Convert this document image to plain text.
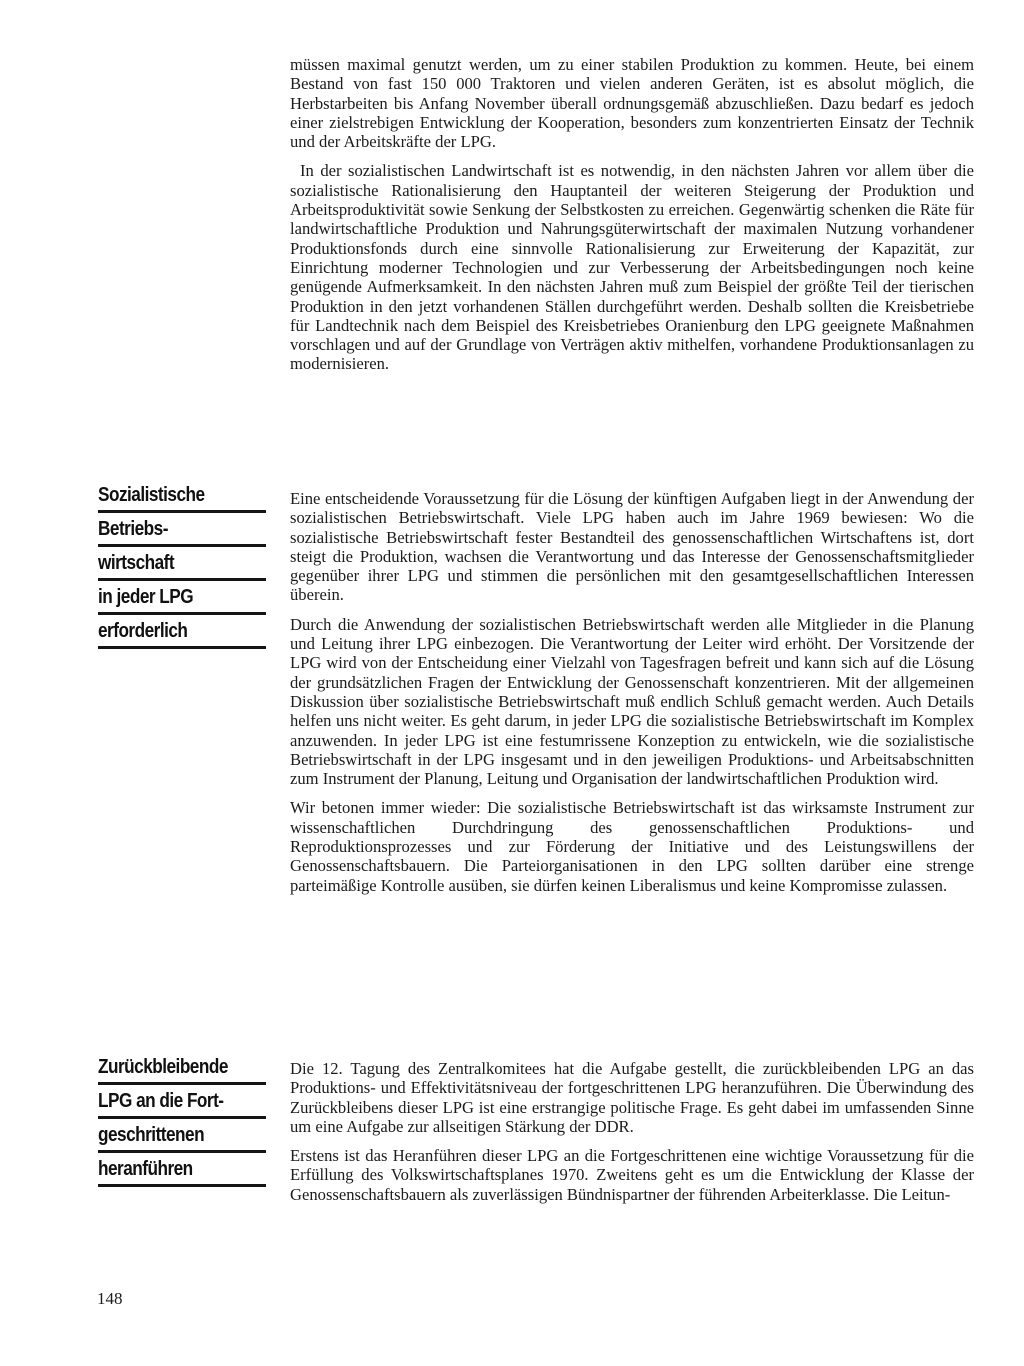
Sozialistische
Betriebs-
wirtschaft
in jeder LPG
erforderlich
Zurückbleibende
LPG an die Fort-
geschrittenen
heranführen

müssen maximal genutzt werden, um zu einer stabilen Produktion zu kommen. Heute, bei einem Bestand von fast 150 000 Traktoren und vielen anderen Geräten, ist es absolut möglich, die Herbstarbeiten bis Anfang November überall ordnungsgemäß abzuschließen. Dazu bedarf es jedoch einer zielstrebigen Entwicklung der Kooperation, besonders zum konzentrierten Einsatz der Technik und der Arbeitskräfte der LPG.

In der sozialistischen Landwirtschaft ist es notwendig, in den nächsten Jahren vor allem über die sozialistische Rationalisierung den Hauptanteil der weiteren Steigerung der Produktion und Arbeitsproduktivität sowie Senkung der Selbstkosten zu erreichen. Gegenwärtig schenken die Räte für landwirtschaftliche Produktion und Nahrungsgüterwirtschaft der maximalen Nutzung vorhandener Produktionsfonds durch eine sinnvolle Rationalisierung zur Erweiterung der Kapazität, zur Einrichtung moderner Technologien und zur Verbesserung der Arbeitsbedingungen noch keine genügende Aufmerksamkeit. In den nächsten Jahren muß zum Beispiel der größte Teil der tierischen Produktion in den jetzt vorhandenen Ställen durchgeführt werden. Deshalb sollten die Kreisbetriebe für Landtechnik nach dem Beispiel des Kreisbetriebes Oranienburg den LPG geeignete Maßnahmen vorschlagen und auf der Grundlage von Verträgen aktiv mithelfen, vorhandene Produktionsanlagen zu modernisieren.

Eine entscheidende Voraussetzung für die Lösung der künftigen Aufgaben liegt in der Anwendung der sozialistischen Betriebswirtschaft. Viele LPG haben auch im Jahre 1969 bewiesen: Wo die sozialistische Betriebswirtschaft fester Bestandteil des genossenschaftlichen Wirtschaftens ist, dort steigt die Produktion, wachsen die Verantwortung und das Interesse der Genossenschaftsmitglieder gegenüber ihrer LPG und stimmen die persönlichen mit den gesamtgesellschaftlichen Interessen überein.

Durch die Anwendung der sozialistischen Betriebswirtschaft werden alle Mitglieder in die Planung und Leitung ihrer LPG einbezogen. Die Verantwortung der Leiter wird erhöht. Der Vorsitzende der LPG wird von der Entscheidung einer Vielzahl von Tagesfragen befreit und kann sich auf die Lösung der grundsätzlichen Fragen der Entwicklung der Genossenschaft konzentrieren. Mit der allgemeinen Diskussion über sozialistische Betriebswirtschaft muß endlich Schluß gemacht werden. Auch Details helfen uns nicht weiter. Es geht darum, in jeder LPG die sozialistische Betriebswirtschaft im Komplex anzuwenden. In jeder LPG ist eine festumrissene Konzeption zu entwickeln, wie die sozialistische Betriebswirtschaft in der LPG insgesamt und in den jeweiligen Produktions- und Arbeitsabschnitten zum Instrument der Planung, Leitung und Organisation der landwirtschaftlichen Produktion wird.

Wir betonen immer wieder: Die sozialistische Betriebswirtschaft ist das wirksamste Instrument zur wissenschaftlichen Durchdringung des genossenschaftlichen Produktions- und Reproduktionsprozesses und zur Förderung der Initiative und des Leistungswillens der Genossenschaftsbauern. Die Parteiorganisationen in den LPG sollten darüber eine strenge parteimäßige Kontrolle ausüben, sie dürfen keinen Liberalismus und keine Kompromisse zulassen.

Die 12. Tagung des Zentralkomitees hat die Aufgabe gestellt, die zurückbleibenden LPG an das Produktions- und Effektivitätsniveau der fortgeschrittenen LPG heranzuführen. Die Überwindung des Zurückbleibens dieser LPG ist eine erstrangige politische Frage. Es geht dabei im umfassenden Sinne um eine Aufgabe zur allseitigen Stärkung der DDR.

Erstens ist das Heranführen dieser LPG an die Fortgeschrittenen eine wichtige Voraussetzung für die Erfüllung des Volkswirtschaftsplanes 1970. Zweitens geht es um die Entwicklung der Klasse der Genossenschaftsbauern als zuverlässigen Bündnispartner der führenden Arbeiterklasse. Die Leitun-

148
